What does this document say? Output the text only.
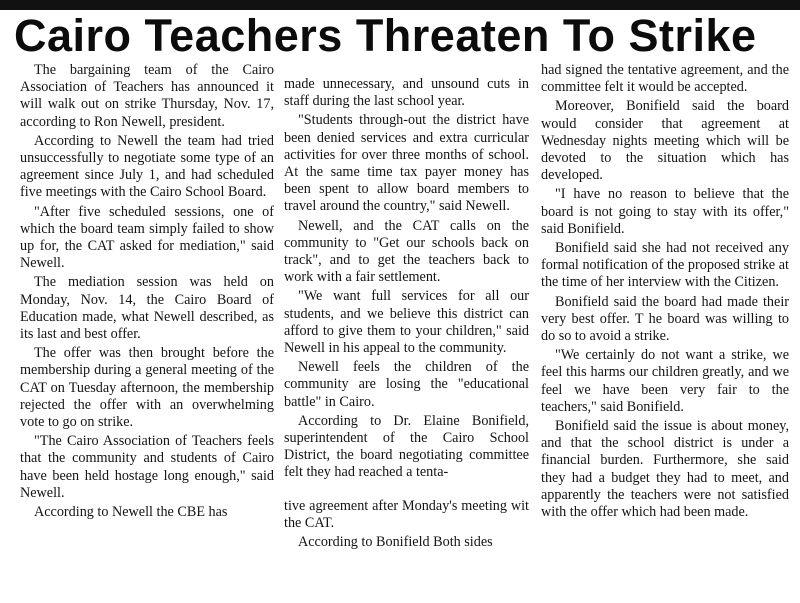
Cairo Teachers Threaten To Strike

The bargaining team of the Cairo Association of Teachers has announced it will walk out on strike Thursday, Nov. 17, according to Ron Newell, president.

According to Newell the team had tried unsuccessfully to negotiate some type of an agreement since July 1, and had scheduled five meetings with the Cairo School Board.

"After five scheduled sessions, one of which the board team simply failed to show up for, the CAT asked for mediation," said Newell.

The mediation session was held on Monday, Nov. 14, the Cairo Board of Education made, what Newell described, as its last and best offer.

The offer was then brought before the membership during a general meeting of the CAT on Tuesday afternoon, the membership rejected the offer with an overwhelming vote to go on strike.

"The Cairo Association of Teachers feels that the community and students of Cairo have been held hostage long enough," said Newell.

According to Newell the CBE has

made unnecessary, and unsound cuts in staff during the last school year.

"Students through-out the district have been denied services and extra curricular activities for over three months of school. At the same time tax payer money has been spent to allow board members to travel around the country," said Newell.

Newell, and the CAT calls on the community to "Get our schools back on track", and to get the teachers back to work with a fair settlement.

"We want full services for all our students, and we believe this district can afford to give them to your children," said Newell in his appeal to the community.

Newell feels the children of the community are losing the "educational battle" in Cairo.

According to Dr. Elaine Bonifield, superintendent of the Cairo School District, the board negotiating committee felt they had reached a tenta-

tive agreement after Monday's meeting wit the CAT.

According to Bonifield Both sides

had signed the tentative agreement, and the committee felt it would be accepted.

Moreover, Bonifield said the board would consider that agreement at Wednesday nights meeting which will be devoted to the situation which has developed.

"I have no reason to believe that the board is not going to stay with its offer," said Bonifield.

Bonifield said she had not received any formal notification of the proposed strike at the time of her interview with the Citizen.

Bonifield said the board had made their very best offer. T he board was willing to do so to avoid a strike.

"We certainly do not want a strike, we feel this harms our children greatly, and we feel we have been very fair to the teachers," said Bonifield.

Bonifield said the issue is about money, and that the school district is under a financial burden. Furthermore, she said they had a budget they had to meet, and apparently the teachers were not satisfied with the offer which had been made.
